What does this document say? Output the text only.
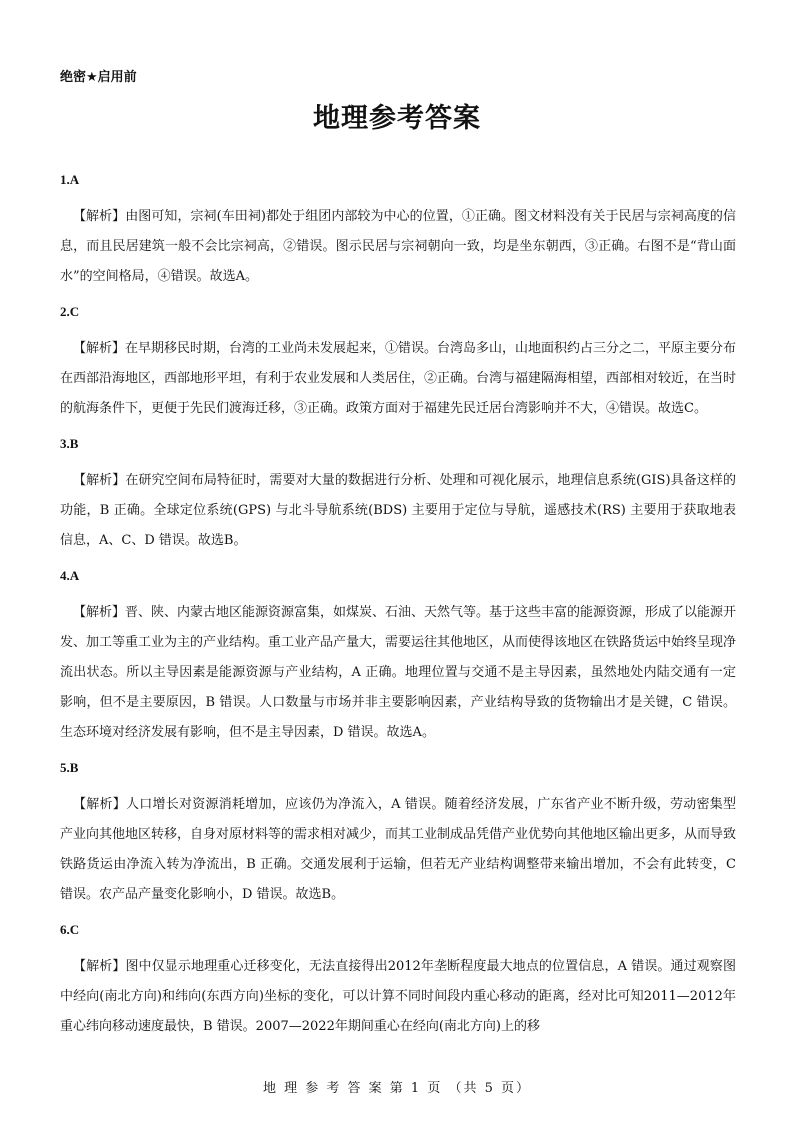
绝密★启用前
地理参考答案
1.A
【解析】由图可知，宗祠(车田祠)都处于组团内部较为中心的位置，①正确。图文材料没有关于民居与宗祠高度的信息，而且民居建筑一般不会比宗祠高，②错误。图示民居与宗祠朝向一致，均是坐东朝西，③正确。右图不是“背山面水”的空间格局，④错误。故选A。
2.C
【解析】在早期移民时期，台湾的工业尚未发展起来，①错误。台湾岛多山，山地面积约占三分之二，平原主要分布在西部沿海地区，西部地形平坦，有利于农业发展和人类居住，②正确。台湾与福建隔海相望，西部相对较近，在当时的航海条件下，更便于先民们渡海迁移，③正确。政策方面对于福建先民迁居台湾影响并不大，④错误。故选C。
3.B
【解析】在研究空间布局特征时，需要对大量的数据进行分析、处理和可视化展示，地理信息系统(GIS)具备这样的功能，B 正确。全球定位系统(GPS) 与北斗导航系统(BDS) 主要用于定位与导航，遥感技术(RS) 主要用于获取地表信息，A、C、D 错误。故选B。
4.A
【解析】晋、陕、内蒙古地区能源资源富集，如煤炭、石油、天然气等。基于这些丰富的能源资源，形成了以能源开发、加工等重工业为主的产业结构。重工业产品产量大，需要运往其他地区，从而使得该地区在铁路货运中始终呈现净流出状态。所以主导因素是能源资源与产业结构，A 正确。地理位置与交通不是主导因素，虽然地处内陆交通有一定影响，但不是主要原因，B 错误。人口数量与市场并非主要影响因素，产业结构导致的货物输出才是关键，C 错误。生态环境对经济发展有影响，但不是主导因素，D 错误。故选A。
5.B
【解析】人口增长对资源消耗增加，应该仍为净流入，A 错误。随着经济发展，广东省产业不断升级，劳动密集型产业向其他地区转移，自身对原材料等的需求相对减少，而其工业制成品凭借产业优势向其他地区输出更多，从而导致铁路货运由净流入转为净流出，B 正确。交通发展利于运输，但若无产业结构调整带来输出增加，不会有此转变，C 错误。农产品产量变化影响小，D 错误。故选B。
6.C
【解析】图中仅显示地理重心迁移变化，无法直接得出2012年垄断程度最大地点的位置信息，A 错误。通过观察图中经向(南北方向)和纬向(东西方向)坐标的变化，可以计算不同时间段内重心移动的距离，经对比可知2011—2012年重心纬向移动速度最快，B 错误。2007—2022年期间重心在经向(南北方向)上的移
地 理 参 考 答 案 第 1 页 （共 5 页）
